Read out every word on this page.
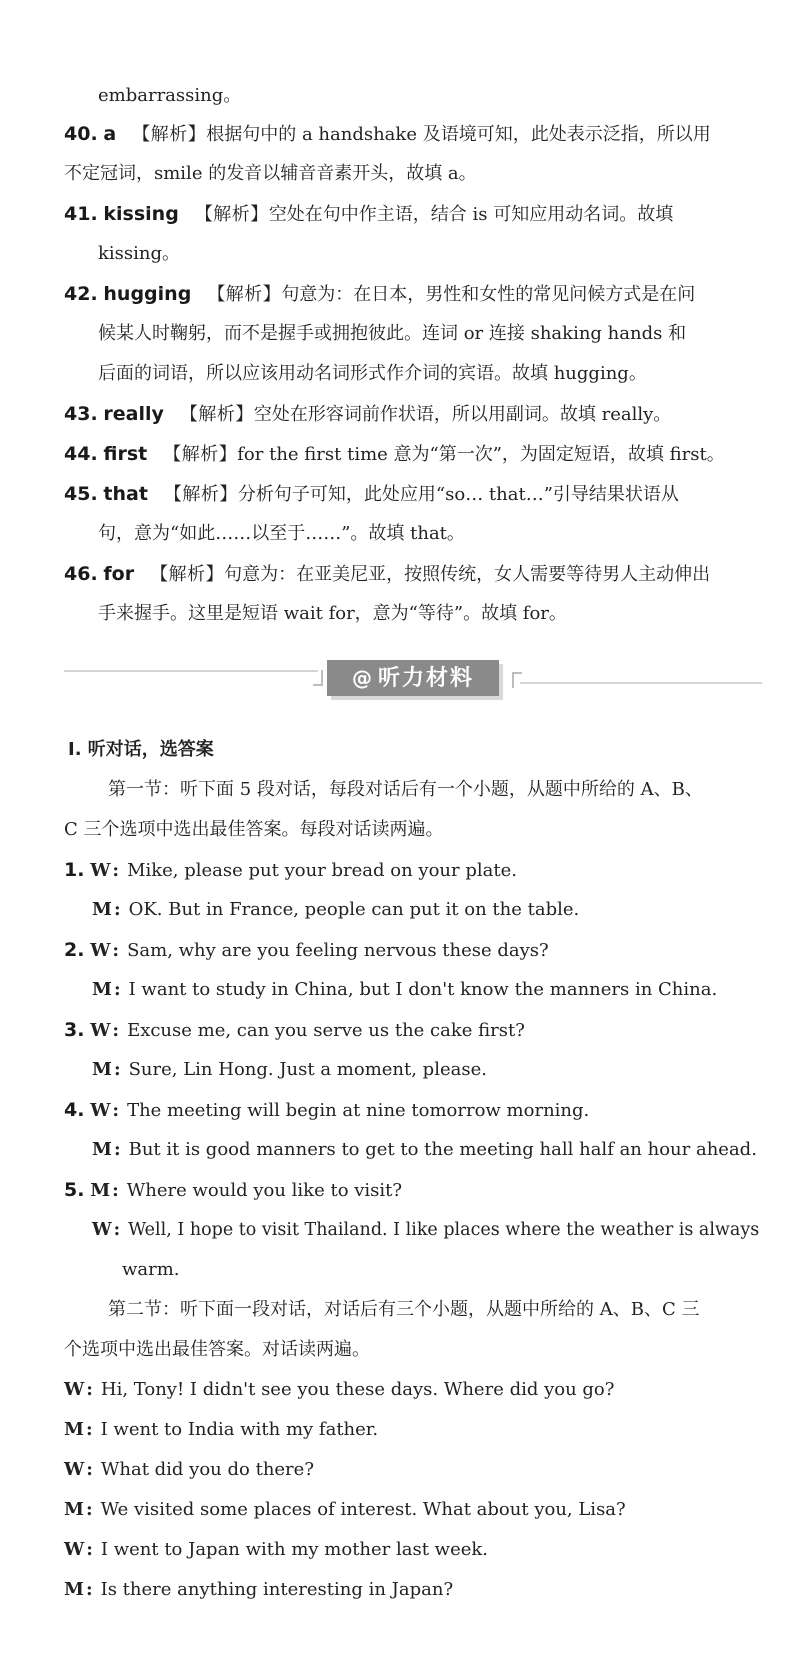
embarrassing。
40. a 【解析】根据句中的 a handshake 及语境可知，此处表示泛指，所以用
不定冠词，smile 的发音以辅音音素开头，故填 a。
41. kissing 【解析】空处在句中作主语，结合 is 可知应用动名词。故填
kissing。
42. hugging 【解析】句意为：在日本，男性和女性的常见问候方式是在问
候某人时鞠躬，而不是握手或拥抱彼此。连词 or 连接 shaking hands 和
后面的词语，所以应该用动名词形式作介词的宾语。故填 hugging。
43. really 【解析】空处在形容词前作状语，所以用副词。故填 really。
44. first 【解析】for the first time 意为“第一次”，为固定短语，故填 first。
45. that 【解析】分析句子可知，此处应用“so… that…”引导结果状语从
句，意为“如此……以至于……”。故填 that。
46. for 【解析】句意为：在亚美尼亚，按照传统，女人需要等待男人主动伸出
手来握手。这里是短语 wait for，意为“等待”。故填 for。
@ 听力材料
Ⅰ. 听对话，选答案
第一节：听下面 5 段对话，每段对话后有一个小题，从题中所给的 A、B、
C 三个选项中选出最佳答案。每段对话读两遍。
1. W : Mike, please put your bread on your plate.
M : OK. But in France, people can put it on the table.
2. W : Sam, why are you feeling nervous these days?
M : I want to study in China, but I don't know the manners in China.
3. W : Excuse me, can you serve us the cake first?
M : Sure, Lin Hong. Just a moment, please.
4. W : The meeting will begin at nine tomorrow morning.
M : But it is good manners to get to the meeting hall half an hour ahead.
5. M : Where would you like to visit?
W : Well, I hope to visit Thailand. I like places where the weather is always
warm.
第二节：听下面一段对话，对话后有三个小题，从题中所给的 A、B、C 三
个选项中选出最佳答案。对话读两遍。
W : Hi, Tony! I didn't see you these days. Where did you go?
M : I went to India with my father.
W : What did you do there?
M : We visited some places of interest. What about you, Lisa?
W : I went to Japan with my mother last week.
M : Is there anything interesting in Japan?
